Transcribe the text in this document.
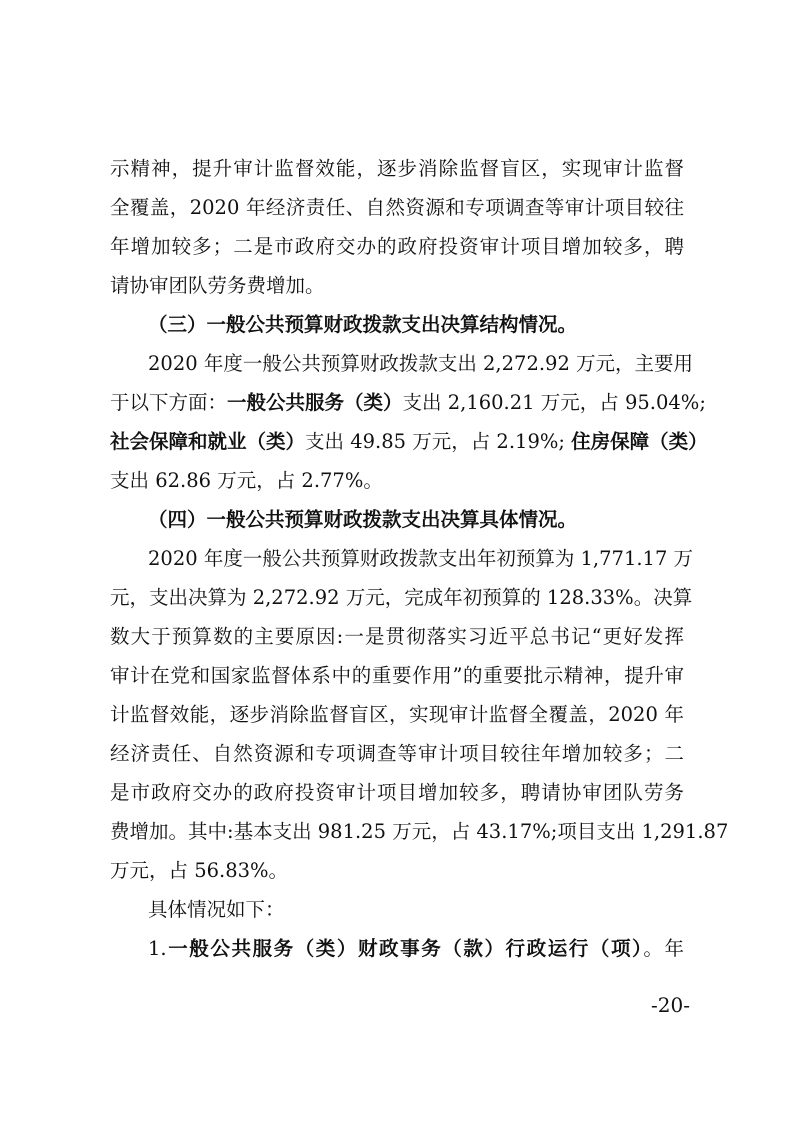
示精神，提升审计监督效能，逐步消除监督盲区，实现审计监督
全覆盖，2020 年经济责任、自然资源和专项调查等审计项目较往
年增加较多；二是市政府交办的政府投资审计项目增加较多，聘
请协审团队劳务费增加。
（三）一般公共预算财政拨款支出决算结构情况。
2020 年度一般公共预算财政拨款支出 2,272.92 万元，主要用
于以下方面：一般公共服务（类）支出 2,160.21 万元，占 95.04%;
社会保障和就业（类）支出 49.85 万元，占 2.19%; 住房保障（类）
支出 62.86 万元，占 2.77%。
（四）一般公共预算财政拨款支出决算具体情况。
2020 年度一般公共预算财政拨款支出年初预算为 1,771.17 万
元，支出决算为 2,272.92 万元，完成年初预算的 128.33%。决算
数大于预算数的主要原因:一是贯彻落实习近平总书记“更好发挥
审计在党和国家监督体系中的重要作用”的重要批示精神，提升审
计监督效能，逐步消除监督盲区，实现审计监督全覆盖，2020 年
经济责任、自然资源和专项调查等审计项目较往年增加较多；二
是市政府交办的政府投资审计项目增加较多，聘请协审团队劳务
费增加。其中:基本支出 981.25 万元，占 43.17%;项目支出 1,291.87
万元，占 56.83%。
具体情况如下：
1.一般公共服务（类）财政事务（款）行政运行（项）。年
-20-
